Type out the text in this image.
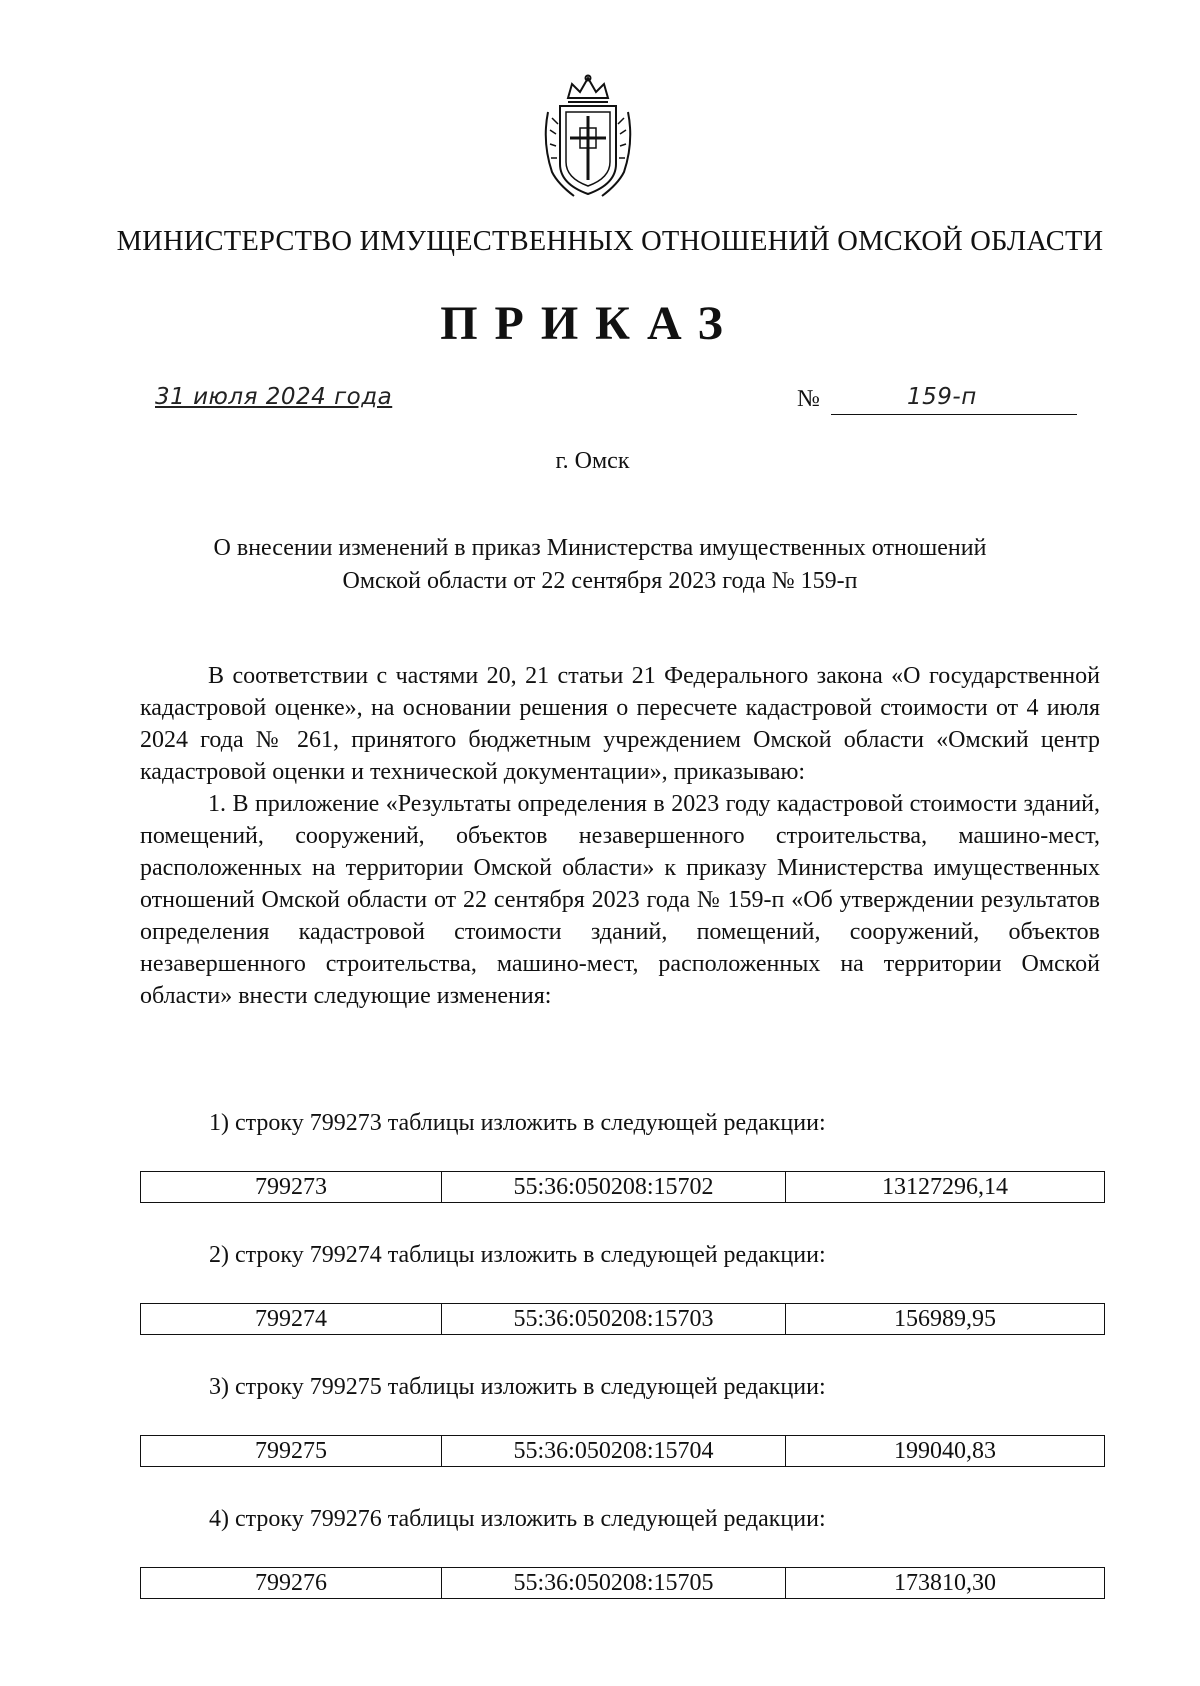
МИНИСТЕРСТВО ИМУЩЕСТВЕННЫХ ОТНОШЕНИЙ ОМСКОЙ ОБЛАСТИ
ПРИКАЗ
31 июля 2024 года	№	159-п
г. Омск
О внесении изменений в приказ Министерства имущественных отношений
Омской области от 22 сентября 2023 года № 159-п

В соответствии с частями 20, 21 статьи 21 Федерального закона «О государственной кадастровой оценке», на основании решения о пересчете кадастровой стоимости от 4 июля 2024 года № 261, принятого бюджетным учреждением Омской области «Омский центр кадастровой оценки и технической документации», приказываю:

1. В приложение «Результаты определения в 2023 году кадастровой стоимости зданий, помещений, сооружений, объектов незавершенного строительства, машино-мест, расположенных на территории Омской области» к приказу Министерства имущественных отношений Омской области от 22 сентября 2023 года № 159-п «Об утверждении результатов определения кадастровой стоимости зданий, помещений, сооружений, объектов незавершенного строительства, машино-мест, расположенных на территории Омской области» внести следующие изменения:

1) строку 799273 таблицы изложить в следующей редакции:
799273	55:36:050208:15702	13127296,14
2) строку 799274 таблицы изложить в следующей редакции:
799274	55:36:050208:15703	156989,95
3) строку 799275 таблицы изложить в следующей редакции:
799275	55:36:050208:15704	199040,83
4) строку 799276 таблицы изложить в следующей редакции:
799276	55:36:050208:15705	173810,30
